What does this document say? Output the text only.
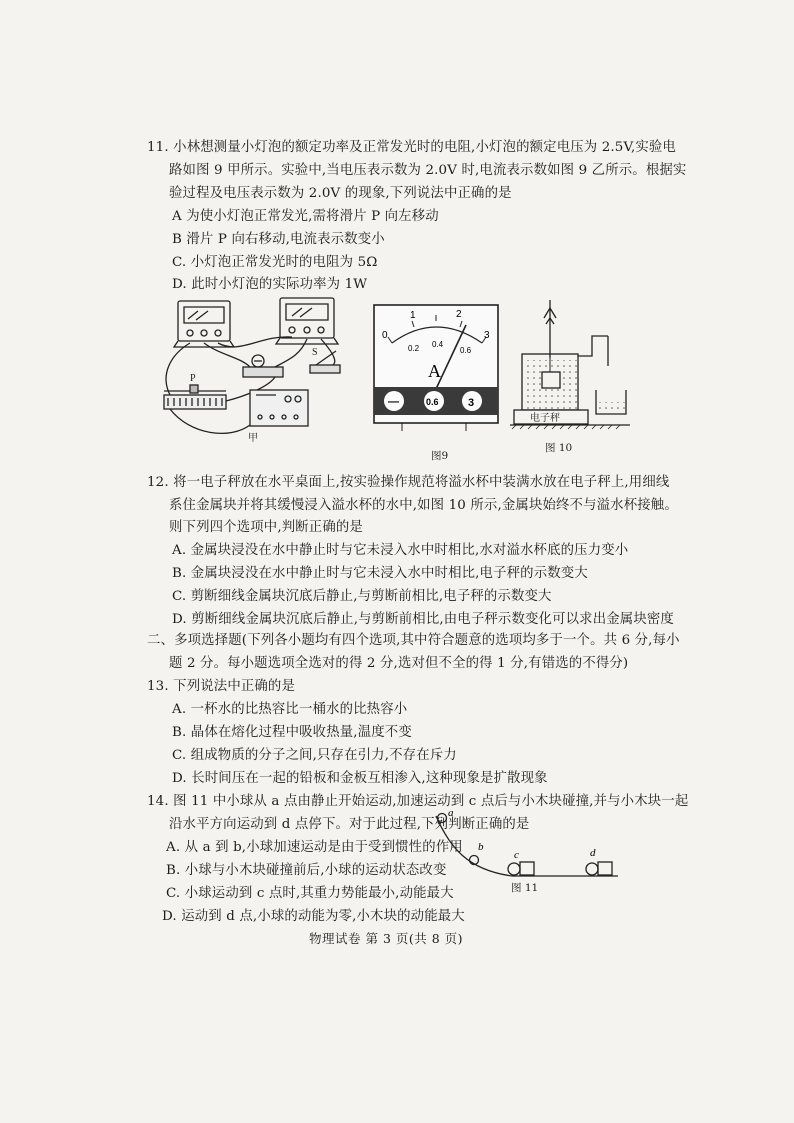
11. 小林想测量小灯泡的额定功率及正常发光时的电阻,小灯泡的额定电压为 2.5V,实验电
路如图 9 甲所示。实验中,当电压表示数为 2.0V 时,电流表示数如图 9 乙所示。根据实
验过程及电压表示数为 2.0V 的现象,下列说法中正确的是
A 为使小灯泡正常发光,需将滑片 P 向左移动
B 滑片 P 向右移动,电流表示数变小
C. 小灯泡正常发光时的电阻为 5Ω
D. 此时小灯泡的实际功率为 1W
P
S
甲
0
1	2
3
0.2 0.4
0.6
A
—	0.6	3
图9
电子秤
图 10
12. 将一电子秤放在水平桌面上,按实验操作规范将溢水杯中装满水放在电子秤上,用细线
系住金属块并将其缓慢浸入溢水杯的水中,如图 10 所示,金属块始终不与溢水杯接触。
则下列四个选项中,判断正确的是
A. 金属块浸没在水中静止时与它未浸入水中时相比,水对溢水杯底的压力变小
B. 金属块浸没在水中静止时与它未浸入水中时相比,电子秤的示数变大
C. 剪断细线金属块沉底后静止,与剪断前相比,电子秤的示数变大
D. 剪断细线金属块沉底后静止,与剪断前相比,由电子秤示数变化可以求出金属块密度
二、多项选择题(下列各小题均有四个选项,其中符合题意的选项均多于一个。共 6 分,每小
题 2 分。每小题选项全选对的得 2 分,选对但不全的得 1 分,有错选的不得分)
13. 下列说法中正确的是
A. 一杯水的比热容比一桶水的比热容小
B. 晶体在熔化过程中吸收热量,温度不变
C. 组成物质的分子之间,只存在引力,不存在斥力
D. 长时间压在一起的铅板和金板互相渗入,这种现象是扩散现象
14. 图 11 中小球从 a 点由静止开始运动,加速运动到 c 点后与小木块碰撞,并与小木块一起
沿水平方向运动到 d 点停下。对于此过程,下列判断正确的是
A. 从 a 到 b,小球加速运动是由于受到惯性的作用
B. 小球与小木块碰撞前后,小球的运动状态改变
C. 小球运动到 c 点时,其重力势能最小,动能最大
D. 运动到 d 点,小球的动能为零,小木块的动能最大
a
b
c	d
图 11
物理试卷 第 3 页(共 8 页)
